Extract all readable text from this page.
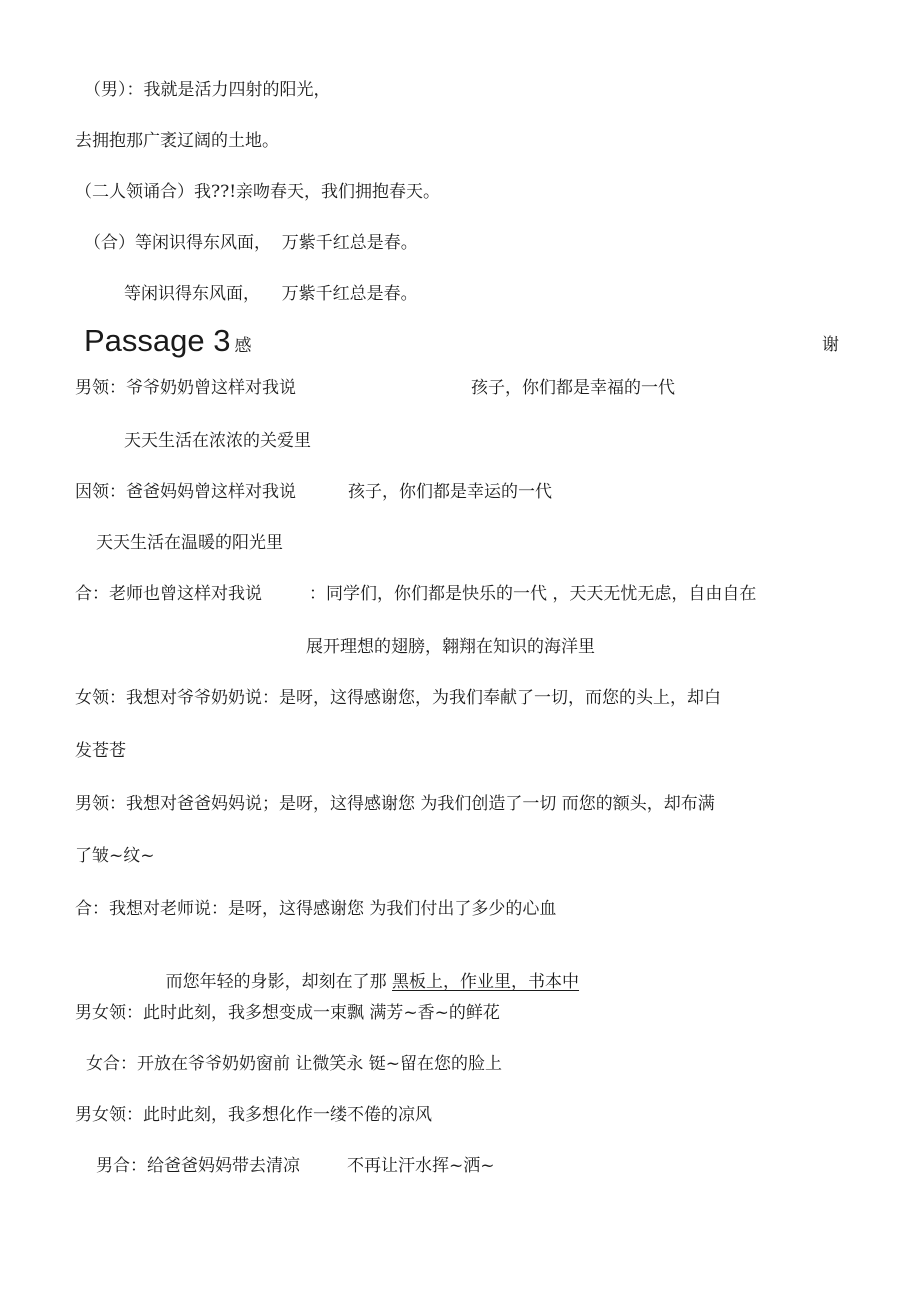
（男）：我就是活力四射的阳光，
去拥抱那广袤辽阔的土地。
（二人领诵合）我??!亲吻春天，我们拥抱春天。
（合）等闲识得东风面，  万紫千红总是春。
等闲识得东风面，    万紫千红总是春。
Passage 3 感	谢
男领：爷爷奶奶曾这样对我说	孩子，你们都是幸福的一代
天天生活在浓浓的关爱里
因领：爸爸妈妈曾这样对我说	孩子，你们都是幸运的一代
天天生活在温暖的阳光里
合：老师也曾这样对我说	：同学们，你们都是快乐的一代 ，天天无忧无虑，自由自在
展开理想的翅膀，翱翔在知识的海洋里
女领：我想对爷爷奶奶说：是呀，这得感谢您，为我们奉献了一切，而您的头上，却白
发苍苍
男领：我想对爸爸妈妈说；是呀，这得感谢您 为我们创造了一切 而您的额头，却布满
了皱~纹~
合：我想对老师说：是呀，这得感谢您 为我们付出了多少的心血

而您年轻的身影，却刻在了那 黑板上，作业里，书本中

男女领：此时此刻，我多想变成一束飘 满芳~香~的鲜花
女合：开放在爷爷奶奶窗前 让微笑永 铤~留在您的脸上
男女领：此时此刻，我多想化作一缕不倦的凉风
男合：给爸爸妈妈带去清凉	不再让汗水挥~洒~
